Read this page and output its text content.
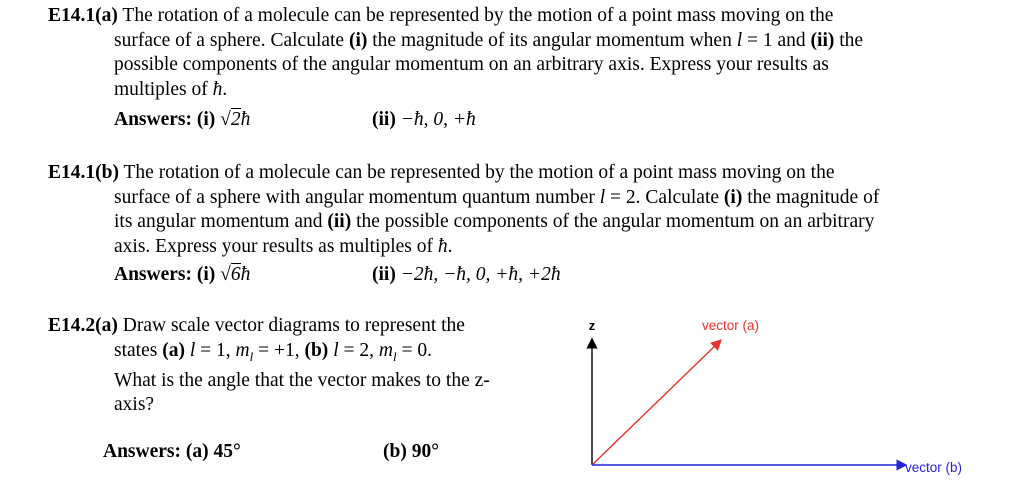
E14.1(a) The rotation of a molecule can be represented by the motion of a point mass moving on the
surface of a sphere. Calculate (i) the magnitude of its angular momentum when l = 1 and (ii) the
possible components of the angular momentum on an arbitrary axis. Express your results as
multiples of ħ.
Answers: (i) √2ħ	(ii) −ħ, 0, +ħ
E14.1(b) The rotation of a molecule can be represented by the motion of a point mass moving on the
surface of a sphere with angular momentum quantum number l = 2. Calculate (i) the magnitude of
its angular momentum and (ii) the possible components of the angular momentum on an arbitrary
axis. Express your results as multiples of ħ.
Answers: (i) √6ħ	(ii) −2ħ, −ħ, 0, +ħ, +2ħ
E14.2(a) Draw scale vector diagrams to represent the
states (a) l = 1, $m_l = +1$, (b) l = 2, $m_l = 0$.
What is the angle that the vector makes to the z-
axis?
Answers: (a) 45°	(b) 90°
z	vector (a)
vector (b)
